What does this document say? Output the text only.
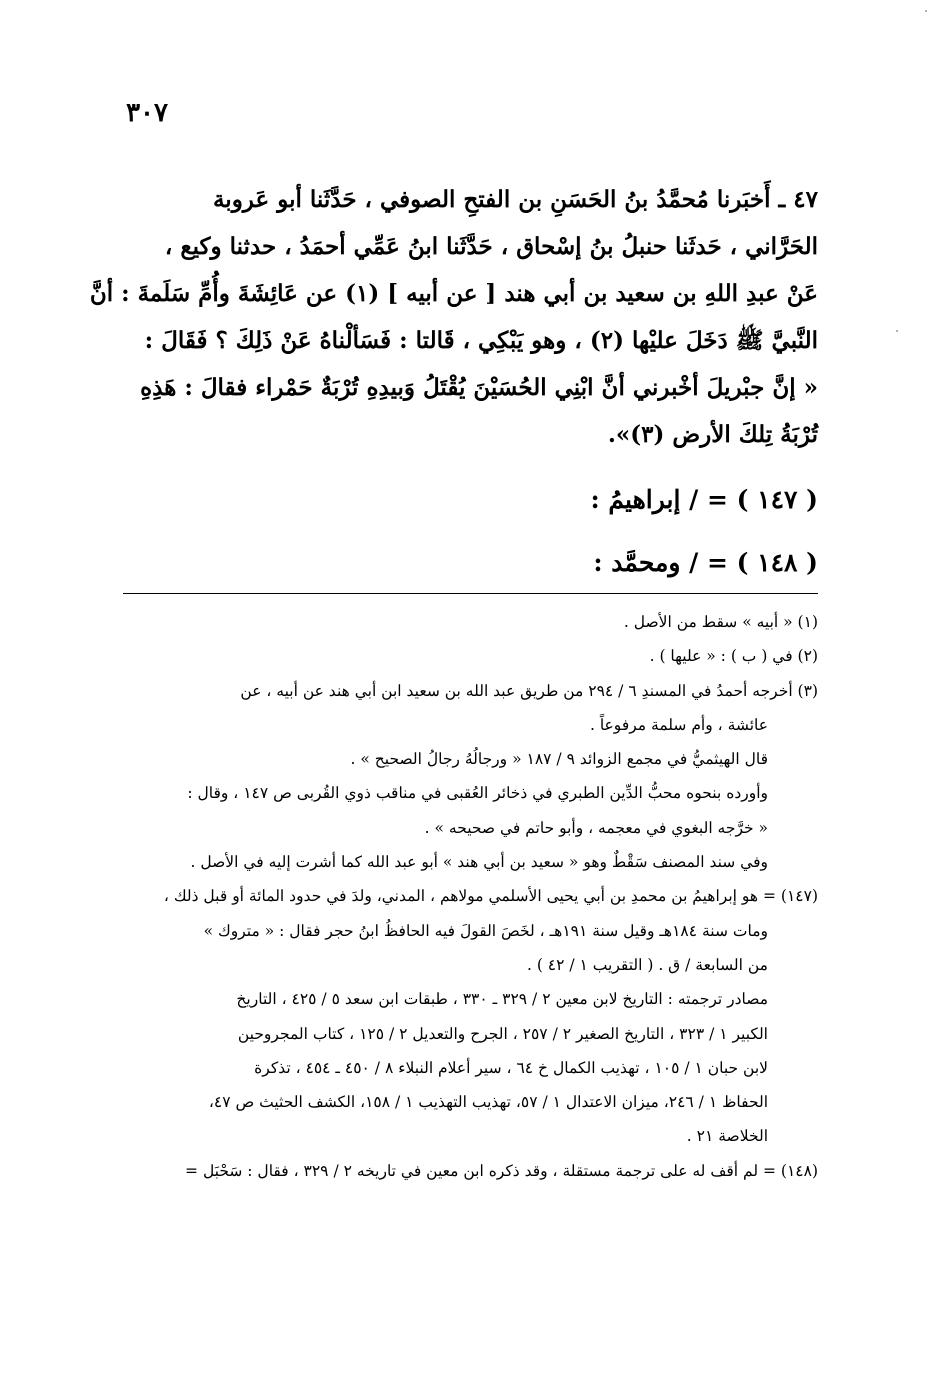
٣٠٧
٤٧ ـ أَخبَرنا مُحمَّدُ بنُ الحَسَنِ بن الفتحِ الصوفي ، حَدَّثَنا أبو عَروبة
الحَرَّاني ، حَدثَنا حنبلُ بنُ إسْحاق ، حَدَّثَنا ابنُ عَمِّي أحمَدُ ، حدثنا وكيع ،
عَنْ عبدِ اللهِ بن سعيد بن أبي هند [ عن أبيه ] (١) عن عَائِشَةَ وأُمِّ سَلَمةَ : أنَّ
النَّبيَّ ﷺ دَخَلَ عليْها (٢) ، وهو يَبْكِي ، قَالتا : فَسَألْناهُ عَنْ ذَلِكَ ؟ فَقَالَ :
« إنَّ جبْريلَ أخْبرني أنَّ ابْنِي الحُسَيْنَ يُقْتَلُ وَبيدِهِ تُرْبَةٌ حَمْراء فقالَ : هَذِهِ
تُرْبَةُ تِلكَ الأرض (٣)».
( ١٤٧ ) = / إبراهيمُ :
( ١٤٨ ) = / ومحمَّد :
(١) « أبيه » سقط من الأصل .
(٢) في ( ب ) : « عليها ) .
(٣) أخرجه أحمدُ في المسندِ ٦ / ٢٩٤ من طريق عبد الله بن سعيد ابن أبي هند عن أبيه ، عن
عائشة ، وأم سلمة مرفوعاً .
قال الهيثميُّ في مجمع الزوائد ٩ / ١٨٧ « ورجالُهُ رجالُ الصحيح » .
وأورده بنحوه محبُّ الدِّين الطبري في ذخائر العُقبى في مناقب ذوي القُربى ص ١٤٧ ، وقال :
« خرَّجه البغوي في معجمه ، وأبو حاتم في صحيحه » .
وفي سند المصنف سَقْطٌ وهو « سعيد بن أبي هند » أبو عبد الله كما أشرت إليه في الأصل .
(١٤٧) = هو إبراهيمُ بن محمدِ بن أبي يحيى الأسلمي مولاهم ، المدني، ولدَ في حدود المائة أو قبل ذلك ،
ومات سنة ١٨٤هـ وقيل سنة ١٩١هـ ، لخَصَ القولَ فيه الحافظُ ابنُ حجر فقال : « متروك »
من السابعة / ق . ( التقريب ١ / ٤٢ ) .
مصادر ترجمته : التاريخ لابن معين ٢ / ٣٢٩ ـ ٣٣٠ ، طبقات ابن سعد ٥ / ٤٢٥ ، التاريخ
الكبير ١ / ٣٢٣ ، التاريخ الصغير ٢ / ٢٥٧ ، الجرح والتعديل ٢ / ١٢٥ ، كتاب المجروحين
لابن حبان ١ / ١٠٥ ، تهذيب الكمال خ ٦٤ ، سير أعلام النبلاء ٨ / ٤٥٠ ـ ٤٥٤ ، تذكرة
الحفاظ ١ / ٢٤٦، ميزان الاعتدال ١ / ٥٧، تهذيب التهذيب ١ / ١٥٨، الكشف الحثيث ص ٤٧،
الخلاصة ٢١ .
(١٤٨) = لم أقف له على ترجمة مستقلة ، وقد ذكره ابن معين في تاريخه ٢ / ٣٢٩ ، فقال : سَحْبَل =
